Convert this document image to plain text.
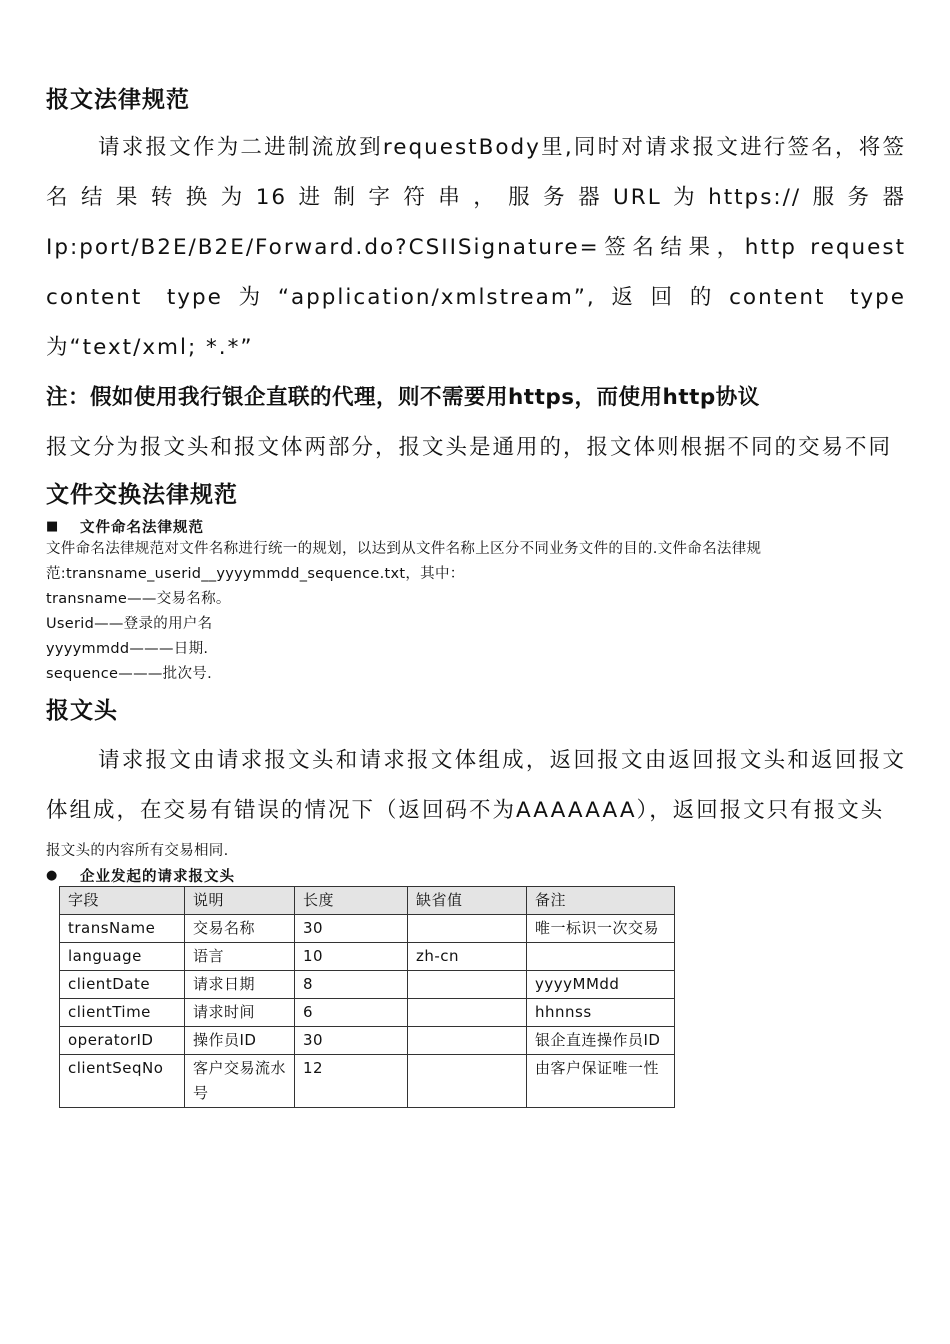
报文法律规范

请求报文作为二进制流放到requestBody里,同时对请求报文进行签名，将签名结果转换为16进制字符串，服务器URL为https://服务器Ip:port/B2E/B2E/Forward.do?CSIISignature=签名结果，http request content type为“application/xmlstream”,返回的content type为“text/xml; *.*”

注：假如使用我行银企直联的代理，则不需要用https，而使用http协议

报文分为报文头和报文体两部分，报文头是通用的，报文体则根据不同的交易不同

文件交换法律规范
■	文件命名法律规范

文件命名法律规范对文件名称进行统一的规划，以达到从文件名称上区分不同业务文件的目的.文件命名法律规范:transname_userid__yyyymmdd_sequence.txt，其中：

transname——交易名称。

Userid——登录的用户名

yyyymmdd———日期.

sequence———批次号.

报文头

请求报文由请求报文头和请求报文体组成，返回报文由返回报文头和返回报文体组成，在交易有错误的情况下（返回码不为AAAAAAA），返回报文只有报文头

报文头的内容所有交易相同.

●	企业发起的请求报文头
字段	说明	长度	缺省值	备注
transName	交易名称	30		唯一标识一次交易
language	语言	10	zh-cn	
clientDate	请求日期	8		yyyyMMdd
clientTime	请求时间	6		hhnnss
operatorID	操作员ID	30		银企直连操作员ID
clientSeqNo	客户交易流水号	12		由客户保证唯一性
